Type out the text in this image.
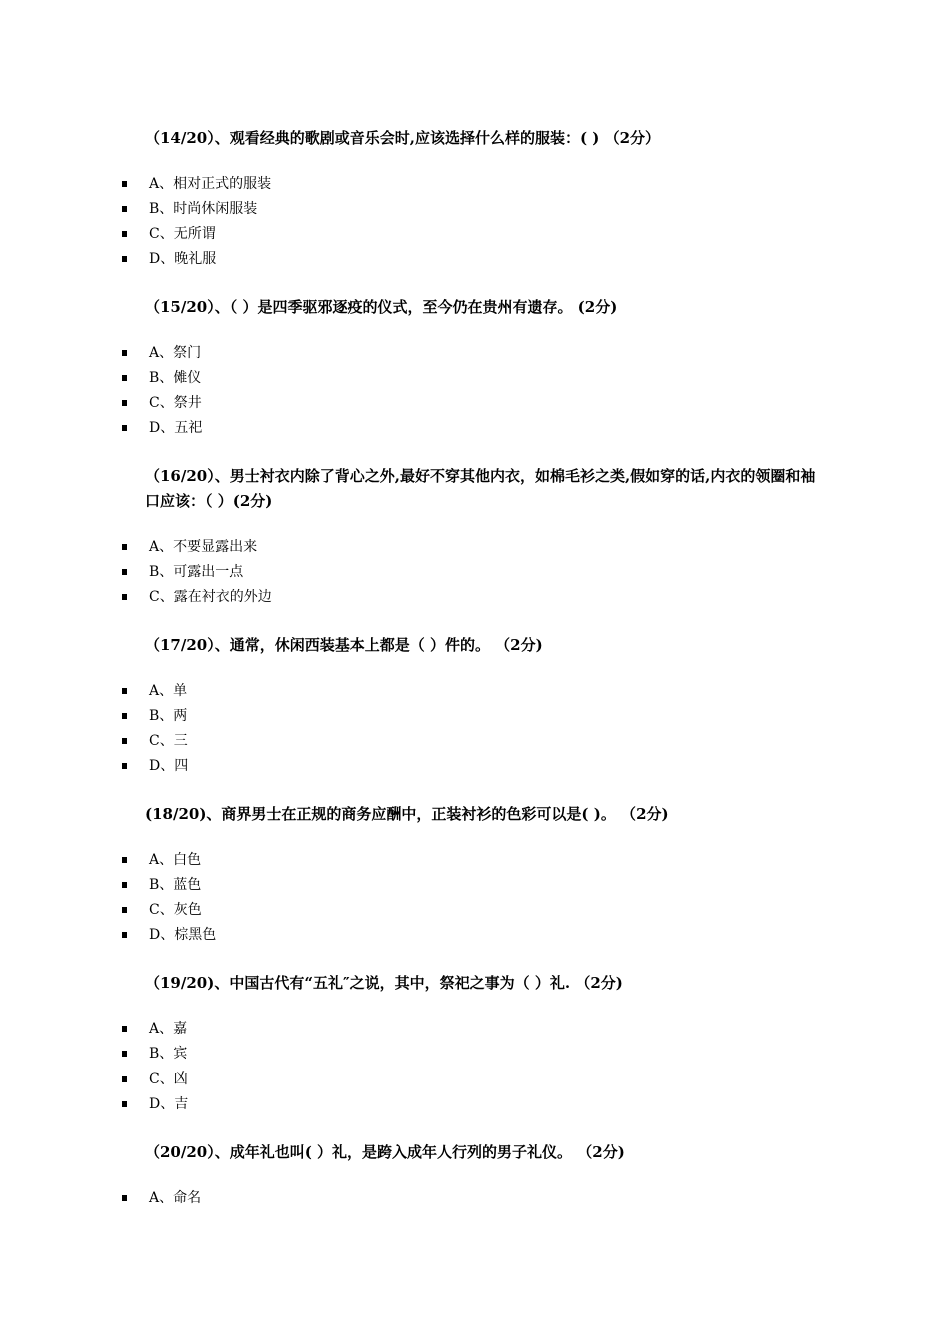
（14/20）、观看经典的歌剧或音乐会时,应该选择什么样的服装：( ) （2分）
A、相对正式的服装
B、时尚休闲服装
C、无所谓
D、晚礼服
（15/20）、（ ）是四季驱邪逐疫的仪式，至今仍在贵州有遗存。 (2分)
A、祭门
B、傩仪
C、祭井
D、五祀
（16/20）、男士衬衣内除了背心之外,最好不穿其他内衣，如棉毛衫之类,假如穿的话,内衣的领圈和袖口应该：（ ）(2分)
A、不要显露出来
B、可露出一点
C、露在衬衣的外边
（17/20）、通常，休闲西装基本上都是（ ）件的。 （2分)
A、单
B、两
C、三
D、四
(18/20)、商界男士在正规的商务应酬中，正装衬衫的色彩可以是( )。 （2分)
A、白色
B、蓝色
C、灰色
D、棕黑色
（19/20)、中国古代有“五礼″之说，其中，祭祀之事为（ ）礼. （2分)
A、嘉
B、宾
C、凶
D、吉
（20/20）、成年礼也叫( ）礼，是跨入成年人行列的男子礼仪。 （2分)
A、命名
